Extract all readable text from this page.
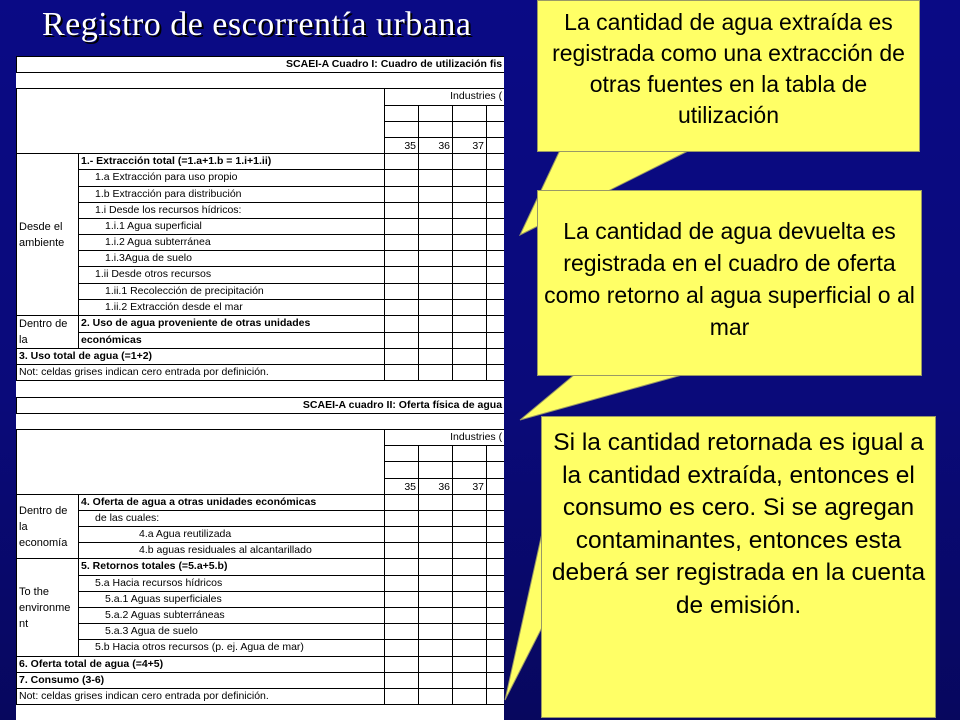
Registro de escorrentía urbana
SCAEI-A Cuadro I: Cuadro de utilización fis					

		Industries (			

		35	36	37	
Desde el ambiente	1.- Extracción total (=1.a+1.b = 1.i+1.ii)				
	1.a Extracción para uso propio				
	1.b Extracción para distribución				
	1.i Desde los recursos hídricos:				
	1.i.1 Agua superficial				
	1.i.2 Agua subterránea				
	1.i.3Agua de suelo				
	1.ii Desde otros recursos				
	1.ii.1 Recolección de precipitación				
	1.ii.2 Extracción desde el mar				
Dentro de la	2. Uso de agua proveniente de otras unidades				
	económicas				
3. Uso total de agua (=1+2)					
Not: celdas grises indican cero entrada por definición.					

SCAEI-A cuadro II: Oferta física de agua					

		Industries (			

		35	36	37	
Dentro de la economía	4. Oferta de agua a otras unidades económicas				
	de las cuales:				
	4.a Agua reutilizada				
	4.b aguas residuales al alcantarillado				
To the environme nt	5. Retornos totales (=5.a+5.b)				
	5.a Hacia recursos hídricos				
	5.a.1 Aguas superficiales				
	5.a.2 Aguas subterráneas				
	5.a.3 Agua de suelo				
	5.b Hacia otros recursos (p. ej. Agua de mar)				
6. Oferta total de agua (=4+5)					
7. Consumo (3-6)					
Not: celdas grises indican cero entrada por definición.					
La cantidad de agua extraída es registrada como una extracción de otras fuentes en la tabla de utilización
La cantidad de agua devuelta es registrada en el cuadro de oferta como retorno al agua superficial o al mar
Si la cantidad retornada es igual a la cantidad extraída, entonces el consumo es cero. Si se agregan contaminantes, entonces esta deberá ser registrada en la cuenta de emisión.
